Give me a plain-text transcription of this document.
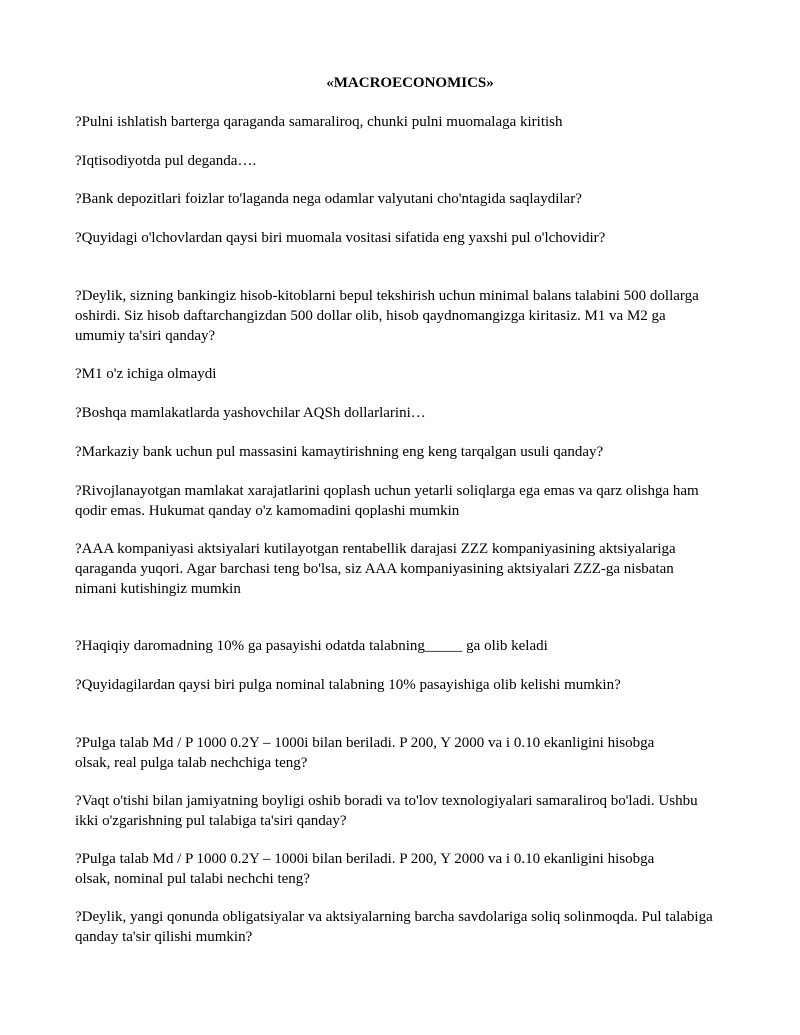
«MACROECONOMICS»

?Pulni ishlatish barterga qaraganda samaraliroq, chunki pulni muomalaga kiritish

?Iqtisodiyotda pul deganda….

?Bank depozitlari foizlar to'laganda nega odamlar valyutani cho'ntagida saqlaydilar?

?Quyidagi o'lchovlardan qaysi biri muomala vositasi sifatida eng yaxshi pul o'lchovidir?

?Deylik, sizning bankingiz hisob-kitoblarni bepul tekshirish uchun minimal balans talabini 500 dollarga
oshirdi. Siz hisob daftarchangizdan 500 dollar olib, hisob qaydnomangizga kiritasiz. M1 va M2 ga
umumiy ta'siri qanday?

?M1 o'z ichiga olmaydi

?Boshqa mamlakatlarda yashovchilar AQSh dollarlarini…

?Markaziy bank uchun pul massasini kamaytirishning eng keng tarqalgan usuli qanday?

?Rivojlanayotgan mamlakat xarajatlarini qoplash uchun yetarli soliqlarga ega emas va qarz olishga ham
qodir emas. Hukumat qanday o'z kamomadini qoplashi mumkin

?AAA kompaniyasi aktsiyalari kutilayotgan rentabellik darajasi ZZZ kompaniyasining aktsiyalariga
qaraganda yuqori. Agar barchasi teng bo'lsa, siz AAA kompaniyasining aktsiyalari ZZZ-ga nisbatan
nimani kutishingiz mumkin

?Haqiqiy daromadning 10% ga pasayishi odatda talabning_____ ga olib keladi

?Quyidagilardan qaysi biri pulga nominal talabning 10% pasayishiga olib kelishi mumkin?

?Pulga talab Md / P 1000 0.2Y – 1000i bilan beriladi. P 200, Y 2000 va i 0.10 ekanligini hisobga
olsak, real pulga talab nechchiga teng?

?Vaqt o'tishi bilan jamiyatning boyligi oshib boradi va to'lov texnologiyalari samaraliroq bo'ladi. Ushbu
ikki o'zgarishning pul talabiga ta'siri qanday?

?Pulga talab Md / P 1000 0.2Y – 1000i bilan beriladi. P 200, Y 2000 va i 0.10 ekanligini hisobga
olsak, nominal pul talabi nechchi teng?

?Deylik, yangi qonunda obligatsiyalar va aktsiyalarning barcha savdolariga soliq solinmoqda. Pul talabiga
qanday ta'sir qilishi mumkin?
